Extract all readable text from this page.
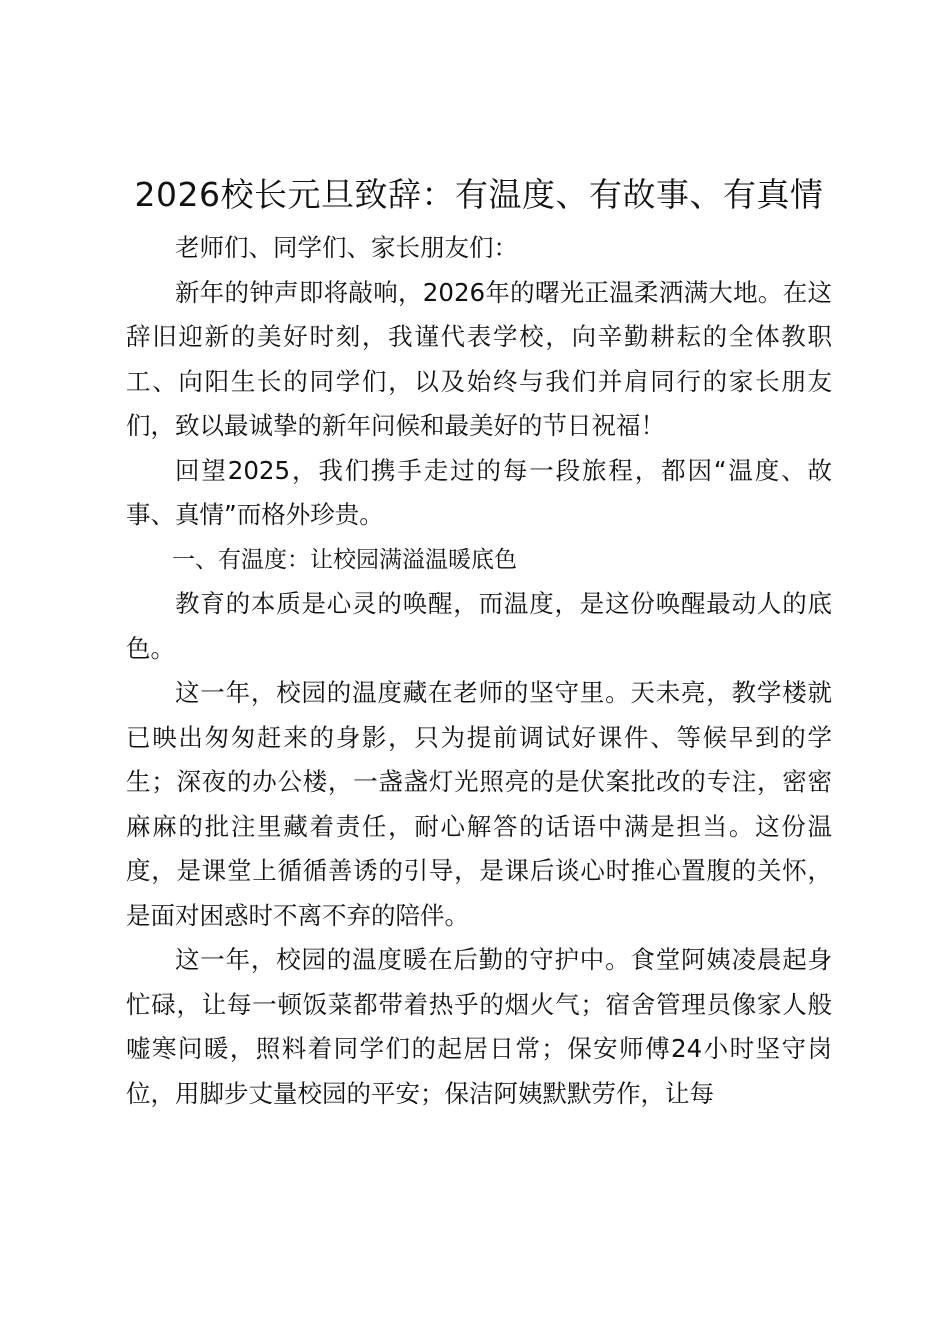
2026校长元旦致辞：有温度、有故事、有真情

老师们、同学们、家长朋友们：

新年的钟声即将敲响，2026年的曙光正温柔洒满大地。在这辞旧迎新的美好时刻，我谨代表学校，向辛勤耕耘的全体教职工、向阳生长的同学们，以及始终与我们并肩同行的家长朋友们，致以最诚挚的新年问候和最美好的节日祝福！

回望2025，我们携手走过的每一段旅程，都因“温度、故事、真情”而格外珍贵。

一、有温度：让校园满溢温暖底色

教育的本质是心灵的唤醒，而温度，是这份唤醒最动人的底色。

这一年，校园的温度藏在老师的坚守里。天未亮，教学楼就已映出匆匆赶来的身影，只为提前调试好课件、等候早到的学生；深夜的办公楼，一盏盏灯光照亮的是伏案批改的专注，密密麻麻的批注里藏着责任，耐心解答的话语中满是担当。这份温度，是课堂上循循善诱的引导，是课后谈心时推心置腹的关怀，是面对困惑时不离不弃的陪伴。

这一年，校园的温度暖在后勤的守护中。食堂阿姨凌晨起身忙碌，让每一顿饭菜都带着热乎的烟火气；宿舍管理员像家人般嘘寒问暖，照料着同学们的起居日常；保安师傅24小时坚守岗位，用脚步丈量校园的平安；保洁阿姨默默劳作，让每
